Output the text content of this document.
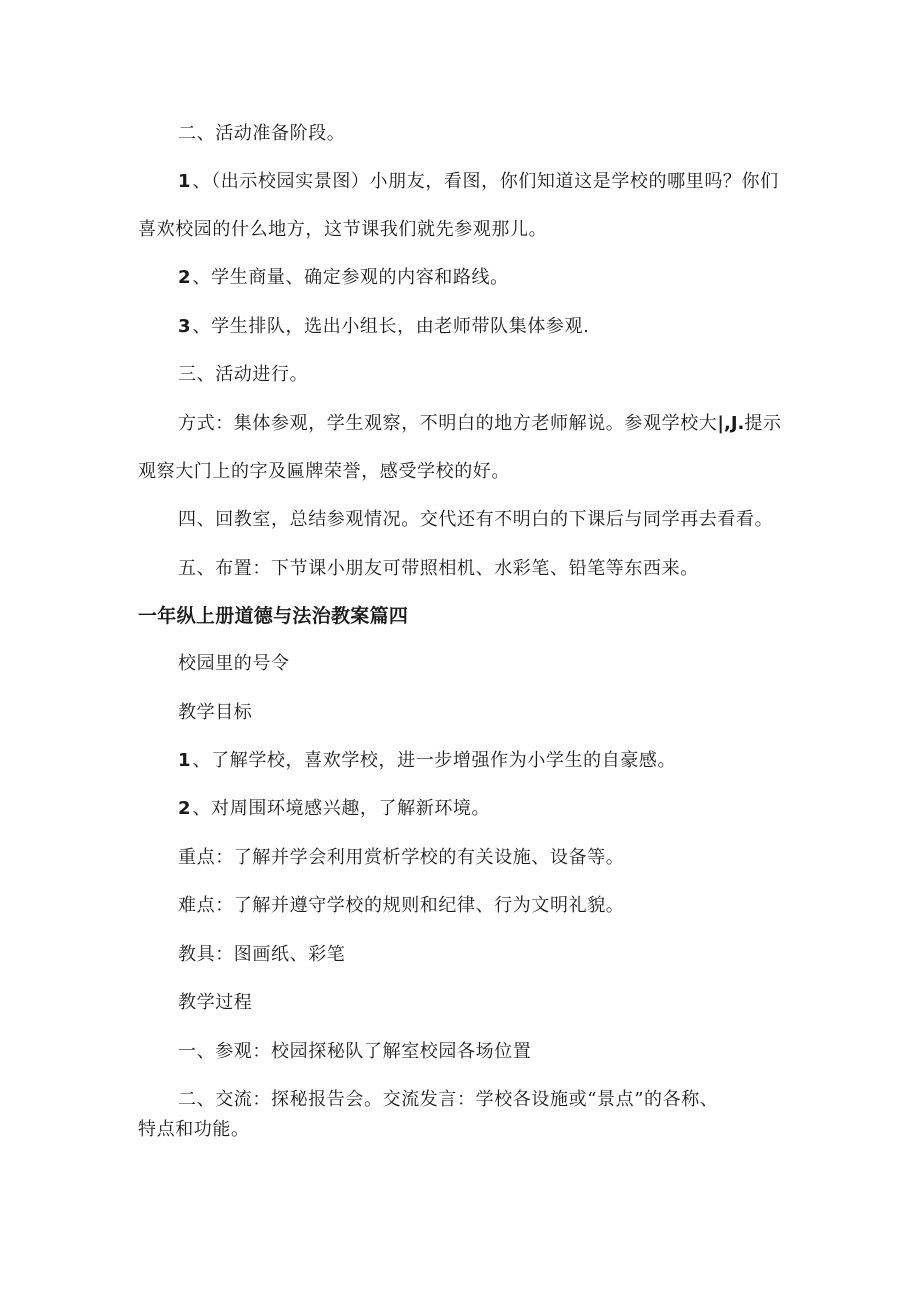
二、活动准备阶段。
1 、（出示校园实景图）小朋友，看图，你们知道这是学校的哪里吗？你们
喜欢校园的什么地方，这节课我们就先参观那儿。
2 、学生商量、确定参观的内容和路线。
3 、学生排队，选出小组长，由老师带队集体参观.
三、活动进行。
方式：集体参观，学生观察，不明白的地方老师解说。参观学校大|,J.提示
观察大门上的字及匾牌荣誉，感受学校的好。
四、回教室，总结参观情况。交代还有不明白的下课后与同学再去看看。
五、布置：下节课小朋友可带照相机、水彩笔、铅笔等东西来。
一年纵上册道德与法治教案篇四
校园里的号令
教学目标
1 、了解学校，喜欢学校，进一步增强作为小学生的自豪感。
2 、对周围环境感兴趣，了解新环境。
重点：了解并学会利用赏析学校的有关设施、设备等。
难点：了解并遵守学校的规则和纪律、行为文明礼貌。
教具：图画纸、彩笔
教学过程
一、参观：校园探秘队了解室校园各场位置
二、交流：探秘报告会。交流发言：学校各设施或“景点”的各称、
特点和功能。
